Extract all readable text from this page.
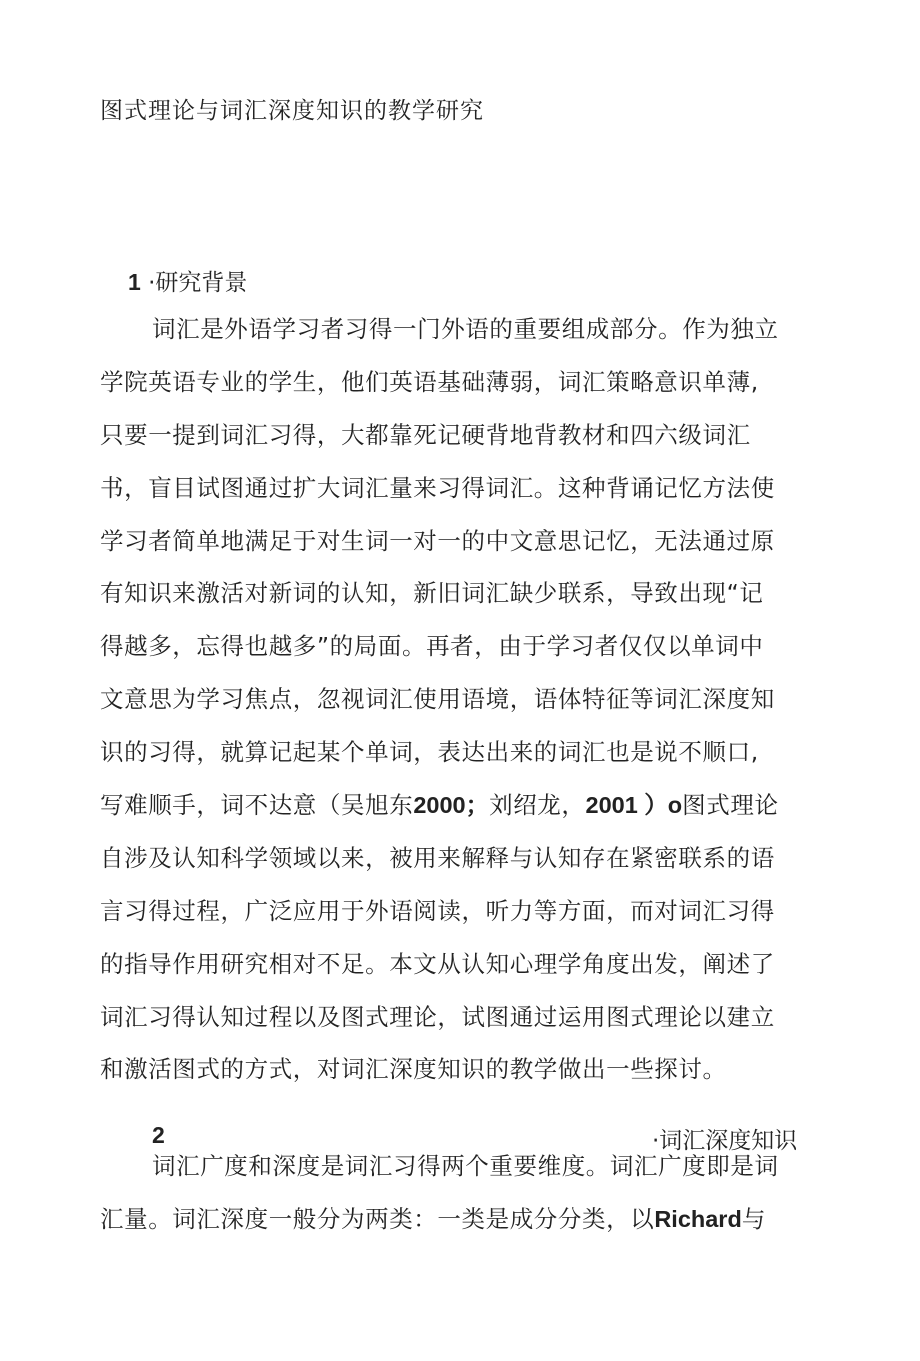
图式理论与词汇深度知识的教学研究
1 ·研究背景
词汇是外语学习者习得一门外语的重要组成部分。作为独立
学院英语专业的学生，他们英语基础薄弱，词汇策略意识单薄,
只要一提到词汇习得，大都靠死记硬背地背教材和四六级词汇
书，盲目试图通过扩大词汇量来习得词汇。这种背诵记忆方法使
学习者简单地满足于对生词一对一的中文意思记忆，无法通过原
有知识来激活对新词的认知，新旧词汇缺少联系，导致出现“记
得越多，忘得也越多”的局面。再者，由于学习者仅仅以单词中
文意思为学习焦点，忽视词汇使用语境，语体特征等词汇深度知
识的习得，就算记起某个单词，表达出来的词汇也是说不顺口,
写难顺手，词不达意（吴旭东2000；刘绍龙，2001 ）o图式理论
自涉及认知科学领域以来，被用来解释与认知存在紧密联系的语
言习得过程，广泛应用于外语阅读，听力等方面，而对词汇习得
的指导作用研究相对不足。本文从认知心理学角度出发，阐述了
词汇习得认知过程以及图式理论，试图通过运用图式理论以建立
和激活图式的方式，对词汇深度知识的教学做出一些探讨。
2	·词汇深度知识
词汇广度和深度是词汇习得两个重要维度。词汇广度即是词
汇量。词汇深度一般分为两类：一类是成分分类，以Richard与
